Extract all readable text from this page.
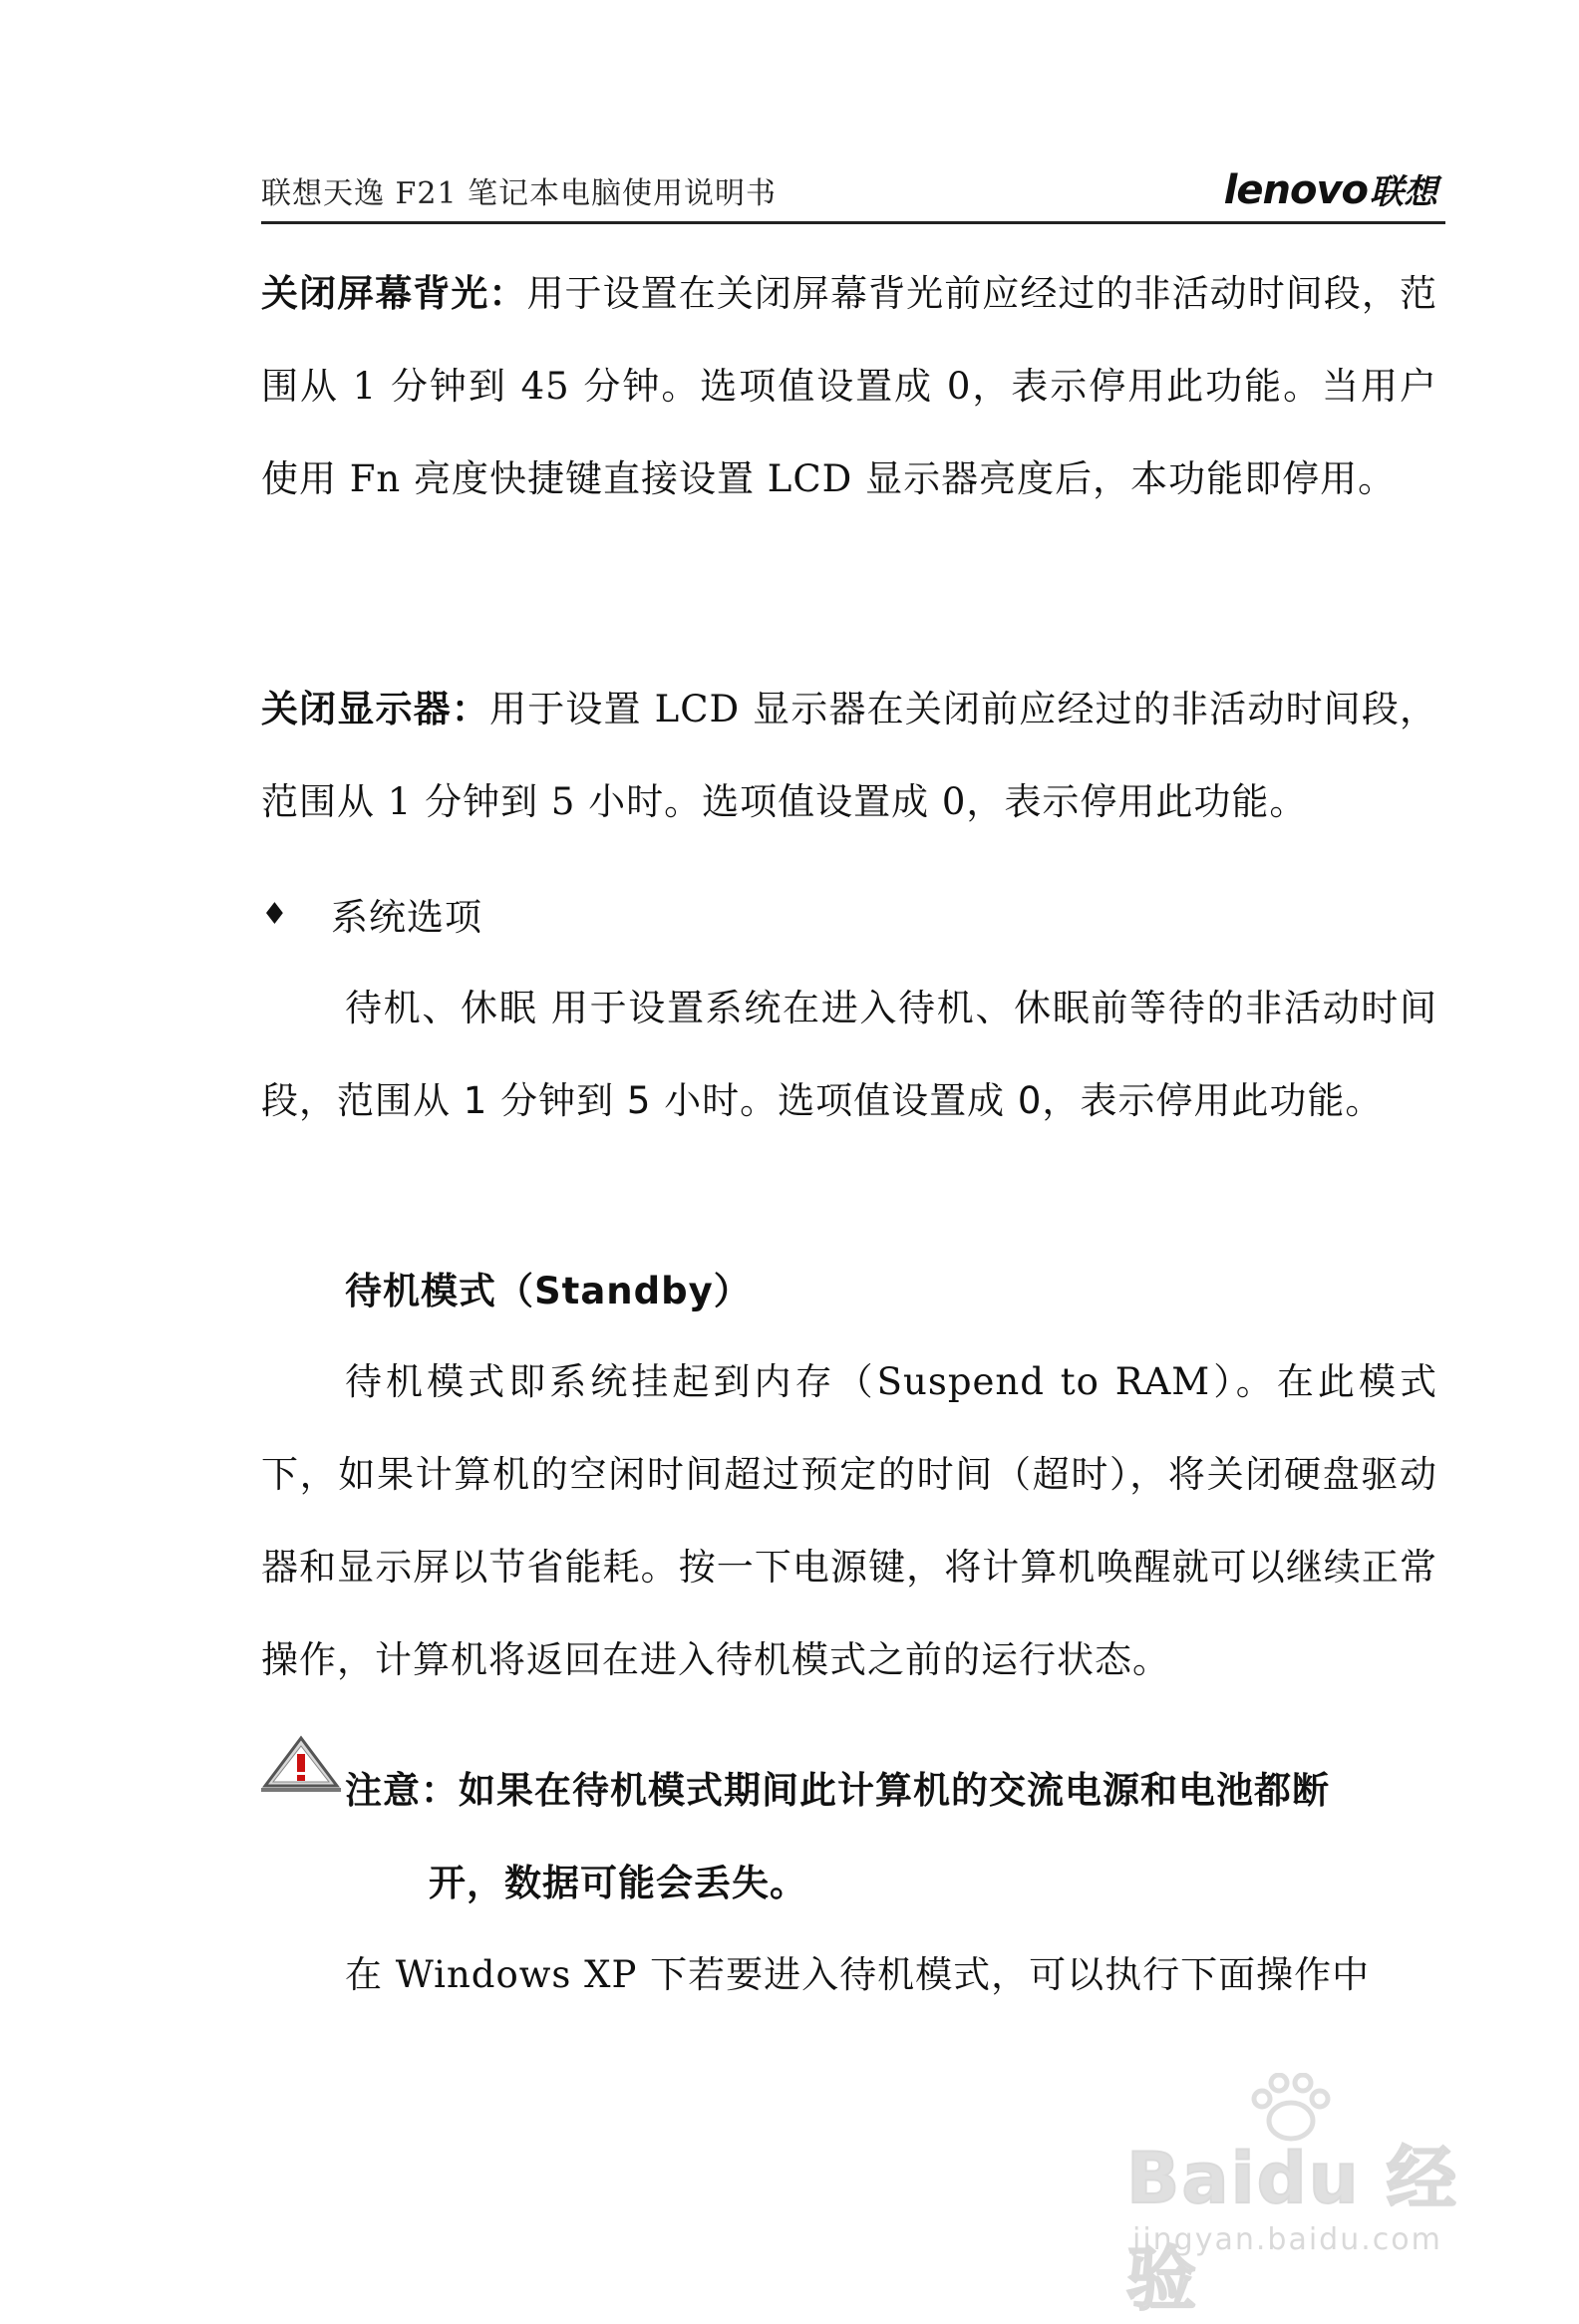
联想天逸 F21 笔记本电脑使用说明书	lenovo联想

关闭屏幕背光：用于设置在关闭屏幕背光前应经过的非活动时间段，范围从 1 分钟到 45 分钟。选项值设置成 0，表示停用此功能。当用户使用 Fn 亮度快捷键直接设置 LCD 显示器亮度后，本功能即停用。

关闭显示器：用于设置 LCD 显示器在关闭前应经过的非活动时间段，范围从 1 分钟到 5 小时。选项值设置成 0，表示停用此功能。

♦ 系统选项

待机、休眠 用于设置系统在进入待机、休眠前等待的非活动时间段，范围从 1 分钟到 5 小时。选项值设置成 0，表示停用此功能。

待机模式（Standby）

待机模式即系统挂起到内存（Suspend to RAM）。在此模式下，如果计算机的空闲时间超过预定的时间（超时），将关闭硬盘驱动器和显示屏以节省能耗。按一下电源键，将计算机唤醒就可以继续正常操作，计算机将返回在进入待机模式之前的运行状态。

注意：如果在待机模式期间此计算机的交流电源和电池都断
开，数据可能会丢失。

在 Windows XP 下若要进入待机模式，可以执行下面操作中

Baidu 经验
jingyan.baidu.com
